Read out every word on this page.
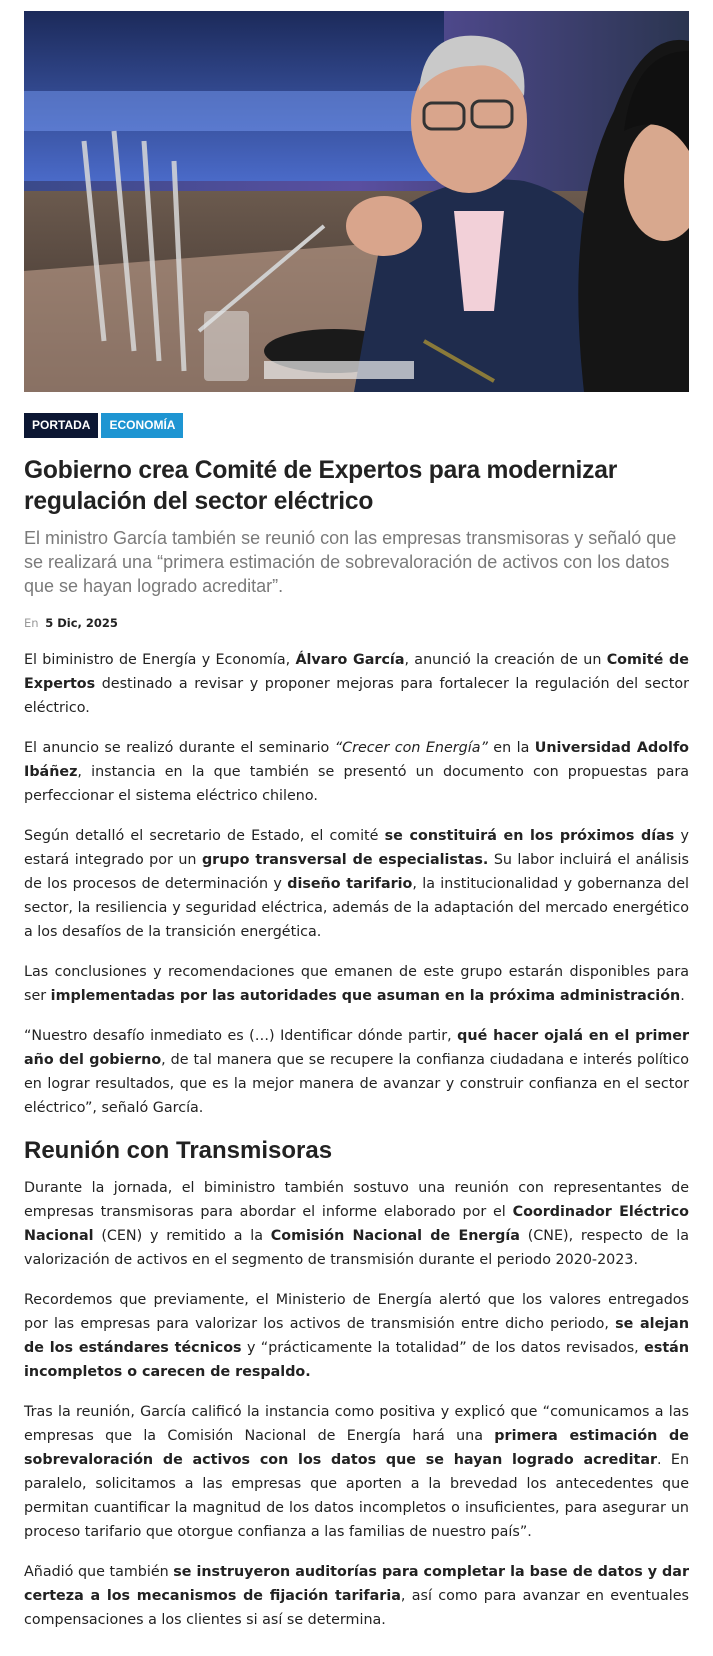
PORTADA	ECONOMÍA
Gobierno crea Comité de Expertos para modernizar regulación del sector eléctrico
El ministro García también se reunió con las empresas transmisoras y señaló que se realizará una “primera estimación de sobrevaloración de activos con los datos que se hayan logrado acreditar”.
En 5 Dic, 2025

El biministro de Energía y Economía, Álvaro García, anunció la creación de un Comité de Expertos destinado a revisar y proponer mejoras para fortalecer la regulación del sector eléctrico.

El anuncio se realizó durante el seminario “Crecer con Energía” en la Universidad Adolfo Ibáñez, instancia en la que también se presentó un documento con propuestas para perfeccionar el sistema eléctrico chileno.

Según detalló el secretario de Estado, el comité se constituirá en los próximos días y estará integrado por un grupo transversal de especialistas. Su labor incluirá el análisis de los procesos de determinación y diseño tarifario, la institucionalidad y gobernanza del sector, la resiliencia y seguridad eléctrica, además de la adaptación del mercado energético a los desafíos de la transición energética.

Las conclusiones y recomendaciones que emanen de este grupo estarán disponibles para ser implementadas por las autoridades que asuman en la próxima administración.

“Nuestro desafío inmediato es (…) Identificar dónde partir, qué hacer ojalá en el primer año del gobierno, de tal manera que se recupere la confianza ciudadana e interés político en lograr resultados, que es la mejor manera de avanzar y construir confianza en el sector eléctrico”, señaló García.

Reunión con Transmisoras

Durante la jornada, el biministro también sostuvo una reunión con representantes de empresas transmisoras para abordar el informe elaborado por el Coordinador Eléctrico Nacional (CEN) y remitido a la Comisión Nacional de Energía (CNE), respecto de la valorización de activos en el segmento de transmisión durante el periodo 2020-2023.

Recordemos que previamente, el Ministerio de Energía alertó que los valores entregados por las empresas para valorizar los activos de transmisión entre dicho periodo, se alejan de los estándares técnicos y “prácticamente la totalidad” de los datos revisados, están incompletos o carecen de respaldo.

Tras la reunión, García calificó la instancia como positiva y explicó que “comunicamos a las empresas que la Comisión Nacional de Energía hará una primera estimación de sobrevaloración de activos con los datos que se hayan logrado acreditar. En paralelo, solicitamos a las empresas que aporten a la brevedad los antecedentes que permitan cuantificar la magnitud de los datos incompletos o insuficientes, para asegurar un proceso tarifario que otorgue confianza a las familias de nuestro país”.

Añadió que también se instruyeron auditorías para completar la base de datos y dar certeza a los mecanismos de fijación tarifaria, así como para avanzar en eventuales compensaciones a los clientes si así se determina.
